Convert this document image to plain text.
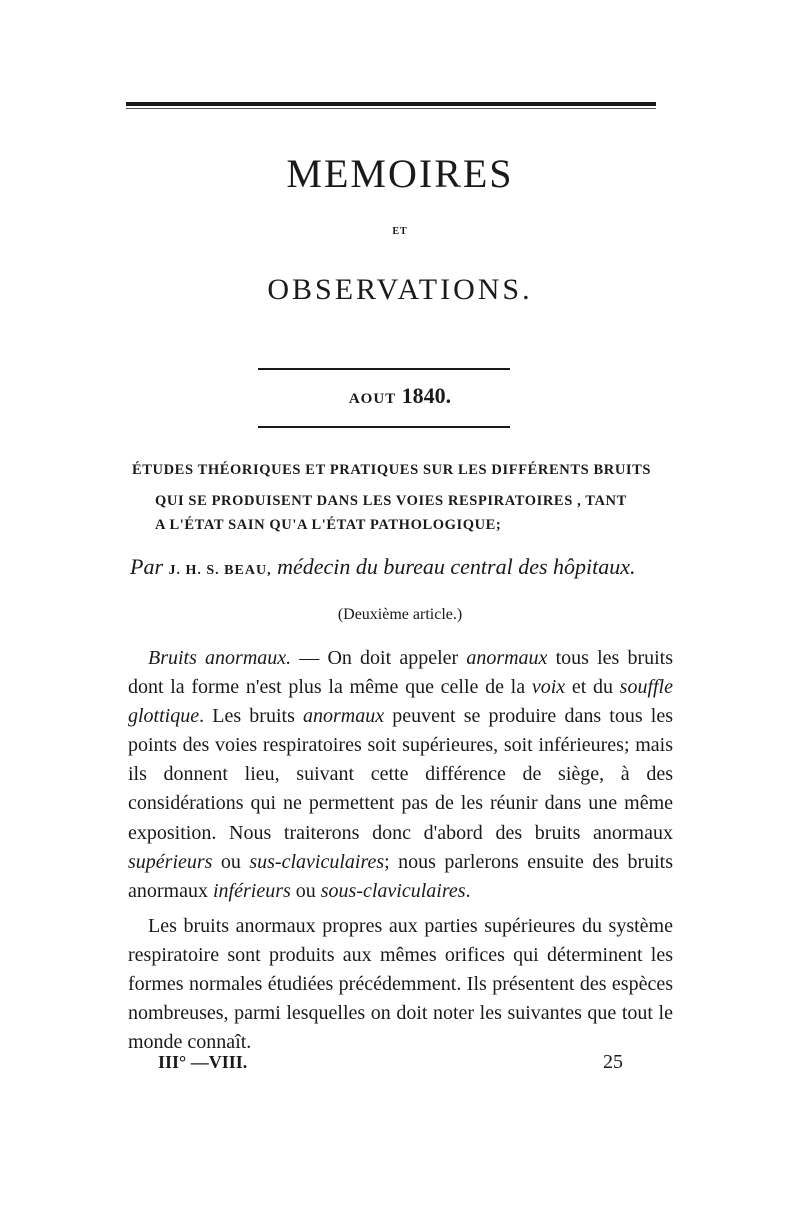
MEMOIRES
ET
OBSERVATIONS.
AOUT 1840.
ÉTUDES THÉORIQUES ET PRATIQUES SUR LES DIFFÉRENTS BRUITS
QUI SE PRODUISENT DANS LES VOIES RESPIRATOIRES , TANT
A L'ÉTAT SAIN QU'A L'ÉTAT PATHOLOGIQUE;
Par J. H. S. BEAU, médecin du bureau central des hôpitaux.
(Deuxième article.)

Bruits anormaux. — On doit appeler anormaux tous les bruits dont la forme n'est plus la même que celle de la voix et du souffle glottique. Les bruits anormaux peuvent se produire dans tous les points des voies respiratoires soit supérieures, soit inférieures; mais ils donnent lieu, suivant cette différence de siège, à des considérations qui ne permettent pas de les réunir dans une même exposition. Nous traiterons donc d'abord des bruits anormaux supérieurs ou sus-claviculaires; nous parlerons ensuite des bruits anormaux inférieurs ou sous-claviculaires.

Les bruits anormaux propres aux parties supérieures du système respiratoire sont produits aux mêmes orifices qui déterminent les formes normales étudiées précédemment. Ils présentent des espèces nombreuses, parmi lesquelles on doit noter les suivantes que tout le monde connaît.

III° —VIII.	25
